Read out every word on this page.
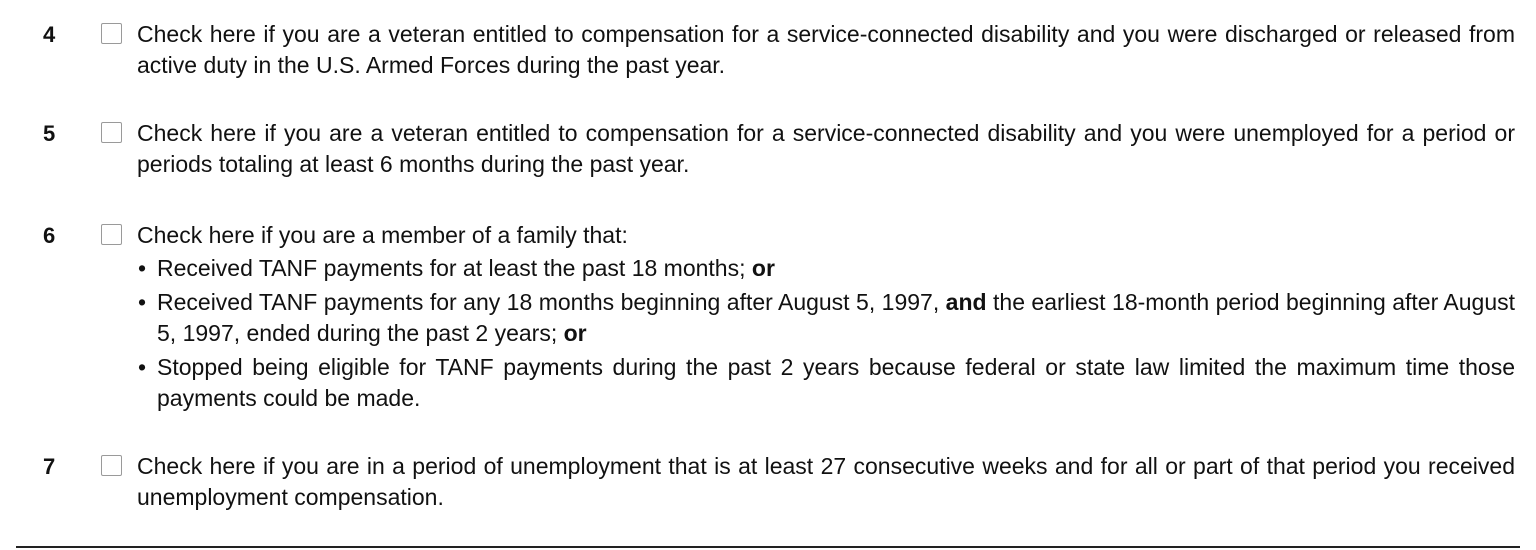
4	Check here if you are a veteran entitled to compensation for a service-connected disability and you were discharged or released from active duty in the U.S. Armed Forces during the past year.
5	Check here if you are a veteran entitled to compensation for a service-connected disability and you were unemployed for a period or periods totaling at least 6 months during the past year.
6	Check here if you are a member of a family that:
• Received TANF payments for at least the past 18 months; or
• Received TANF payments for any 18 months beginning after August 5, 1997, and the earliest 18-month period beginning after August 5, 1997, ended during the past 2 years; or
• Stopped being eligible for TANF payments during the past 2 years because federal or state law limited the maximum time those payments could be made.
7	Check here if you are in a period of unemployment that is at least 27 consecutive weeks and for all or part of that period you received unemployment compensation.
